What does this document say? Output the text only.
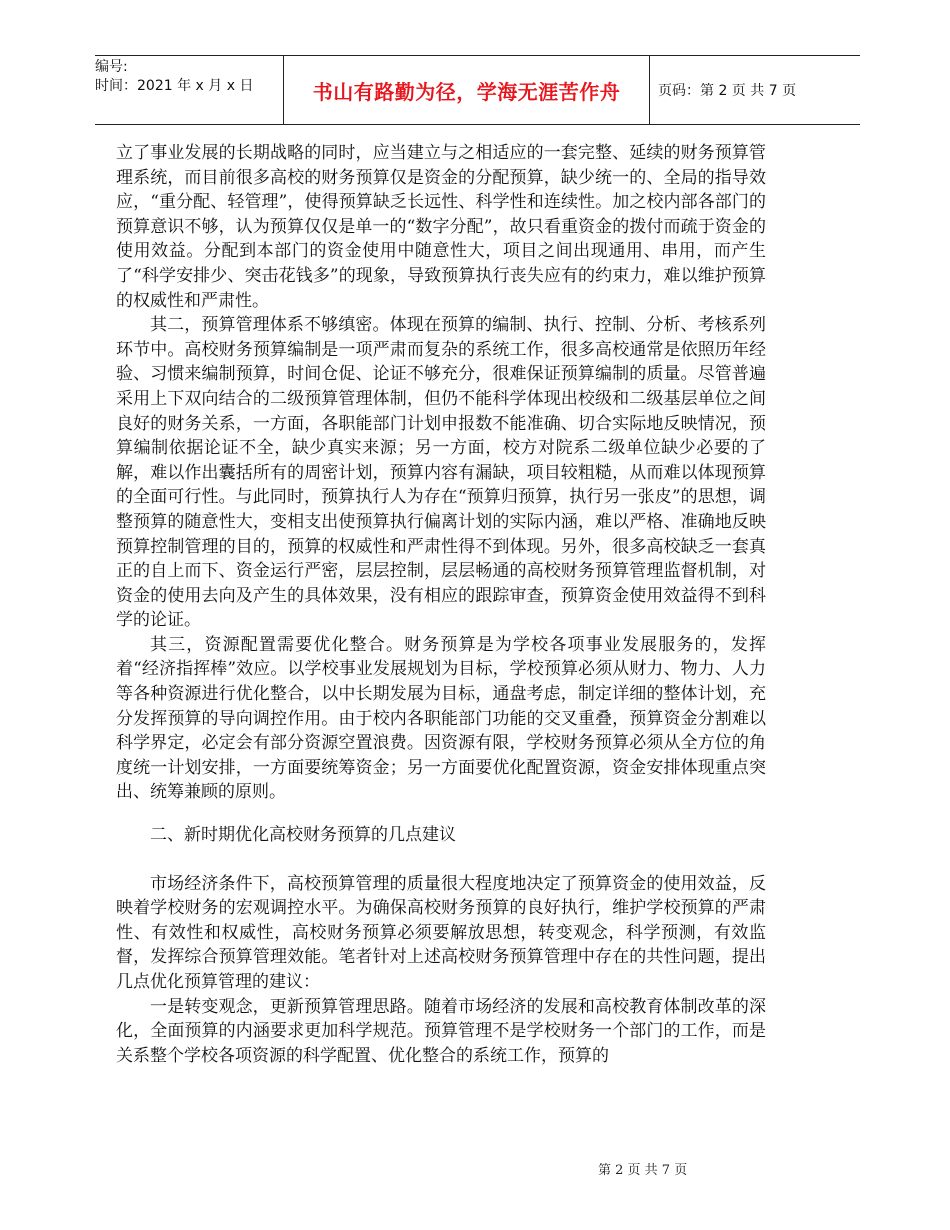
编号:
时间：2021 年 x 月 x 日	书山有路勤为径，学海无涯苦作舟	页码：第 2 页 共 7 页

立了事业发展的长期战略的同时，应当建立与之相适应的一套完整、延续的财务预算管理系统，而目前很多高校的财务预算仅是资金的分配预算，缺少统一的、全局的指导效应，“重分配、轻管理”，使得预算缺乏长远性、科学性和连续性。加之校内部各部门的预算意识不够，认为预算仅仅是单一的“数字分配”，故只看重资金的拨付而疏于资金的使用效益。分配到本部门的资金使用中随意性大，项目之间出现通用、串用，而产生了“科学安排少、突击花钱多”的现象，导致预算执行丧失应有的约束力，难以维护预算的权威性和严肃性。

其二，预算管理体系不够缜密。体现在预算的编制、执行、控制、分析、考核系列环节中。高校财务预算编制是一项严肃而复杂的系统工作，很多高校通常是依照历年经验、习惯来编制预算，时间仓促、论证不够充分，很难保证预算编制的质量。尽管普遍采用上下双向结合的二级预算管理体制，但仍不能科学体现出校级和二级基层单位之间良好的财务关系，一方面，各职能部门计划申报数不能准确、切合实际地反映情况，预算编制依据论证不全，缺少真实来源；另一方面，校方对院系二级单位缺少必要的了解，难以作出囊括所有的周密计划，预算内容有漏缺，项目较粗糙，从而难以体现预算的全面可行性。与此同时，预算执行人为存在“预算归预算，执行另一张皮”的思想，调整预算的随意性大，变相支出使预算执行偏离计划的实际内涵，难以严格、准确地反映预算控制管理的目的，预算的权威性和严肃性得不到体现。另外，很多高校缺乏一套真正的自上而下、资金运行严密，层层控制，层层畅通的高校财务预算管理监督机制，对资金的使用去向及产生的具体效果，没有相应的跟踪审查，预算资金使用效益得不到科学的论证。

其三，资源配置需要优化整合。财务预算是为学校各项事业发展服务的，发挥着“经济指挥棒”效应。以学校事业发展规划为目标，学校预算必须从财力、物力、人力等各种资源进行优化整合，以中长期发展为目标，通盘考虑，制定详细的整体计划，充分发挥预算的导向调控作用。由于校内各职能部门功能的交叉重叠，预算资金分割难以科学界定，必定会有部分资源空置浪费。因资源有限，学校财务预算必须从全方位的角度统一计划安排，一方面要统筹资金；另一方面要优化配置资源，资金安排体现重点突出、统筹兼顾的原则。

二、新时期优化高校财务预算的几点建议

市场经济条件下，高校预算管理的质量很大程度地决定了预算资金的使用效益，反映着学校财务的宏观调控水平。为确保高校财务预算的良好执行，维护学校预算的严肃性、有效性和权威性，高校财务预算必须要解放思想，转变观念，科学预测，有效监督，发挥综合预算管理效能。笔者针对上述高校财务预算管理中存在的共性问题，提出几点优化预算管理的建议：

一是转变观念，更新预算管理思路。随着市场经济的发展和高校教育体制改革的深化，全面预算的内涵要求更加科学规范。预算管理不是学校财务一个部门的工作，而是关系整个学校各项资源的科学配置、优化整合的系统工作，预算的

第 2 页 共 7 页
